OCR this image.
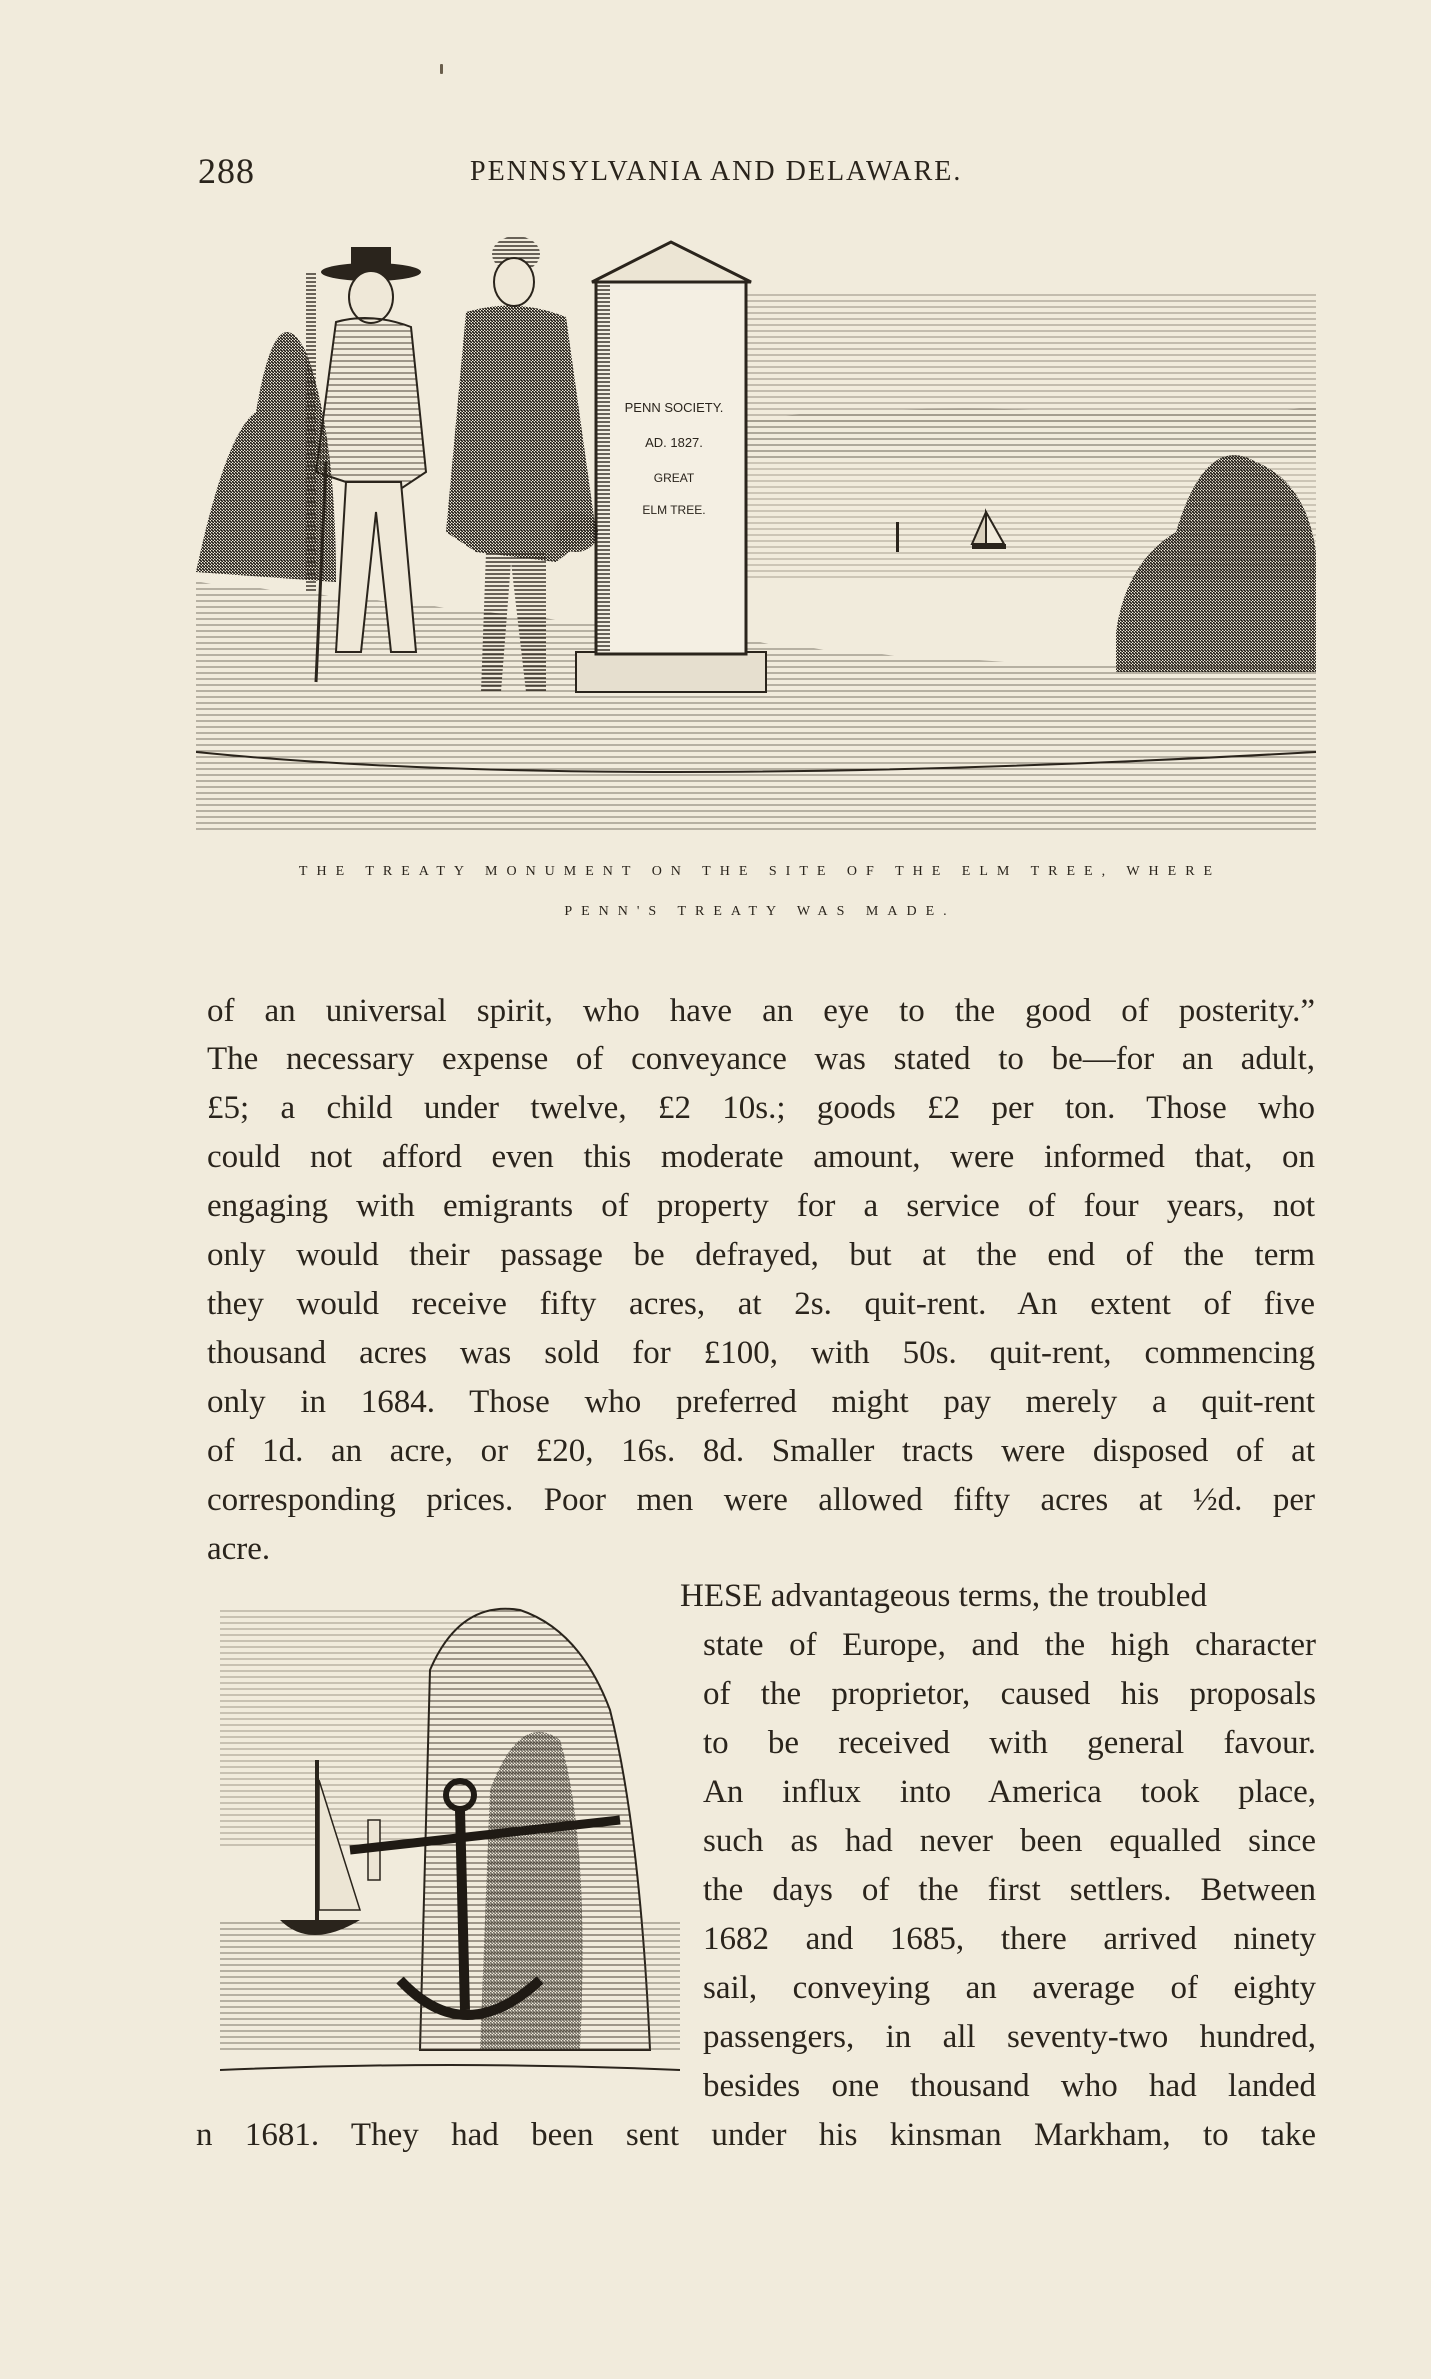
288	PENNSYLVANIA AND DELAWARE.
PENN SOCIETY.
AD. 1827.
GREAT
ELM TREE.
THE TREATY MONUMENT ON THE SITE OF THE ELM TREE, WHERE
PENN'S TREATY WAS MADE.
of an universal spirit, who have an eye to the good of posterity.”
The necessary expense of conveyance was stated to be—for an adult,
£5; a child under twelve, £2 10s.; goods £2 per ton. Those who
could not afford even this moderate amount, were informed that, on
engaging with emigrants of property for a service of four years, not
only would their passage be defrayed, but at the end of the term
they would receive fifty acres, at 2s. quit-rent. An extent of five
thousand acres was sold for £100, with 50s. quit-rent, commencing
only in 1684. Those who preferred might pay merely a quit-rent
of 1d. an acre, or £20, 16s. 8d. Smaller tracts were disposed of at
corresponding prices. Poor men were allowed fifty acres at ½d. per
acre.
HESE advantageous terms, the troubled
state of Europe, and the high character
of the proprietor, caused his proposals
to be received with general favour.
An influx into America took place,
such as had never been equalled since
the days of the first settlers. Between
1682 and 1685, there arrived ninety
sail, conveying an average of eighty
passengers, in all seventy-two hundred,
besides one thousand who had landed
n 1681. They had been sent under his kinsman Markham, to take
